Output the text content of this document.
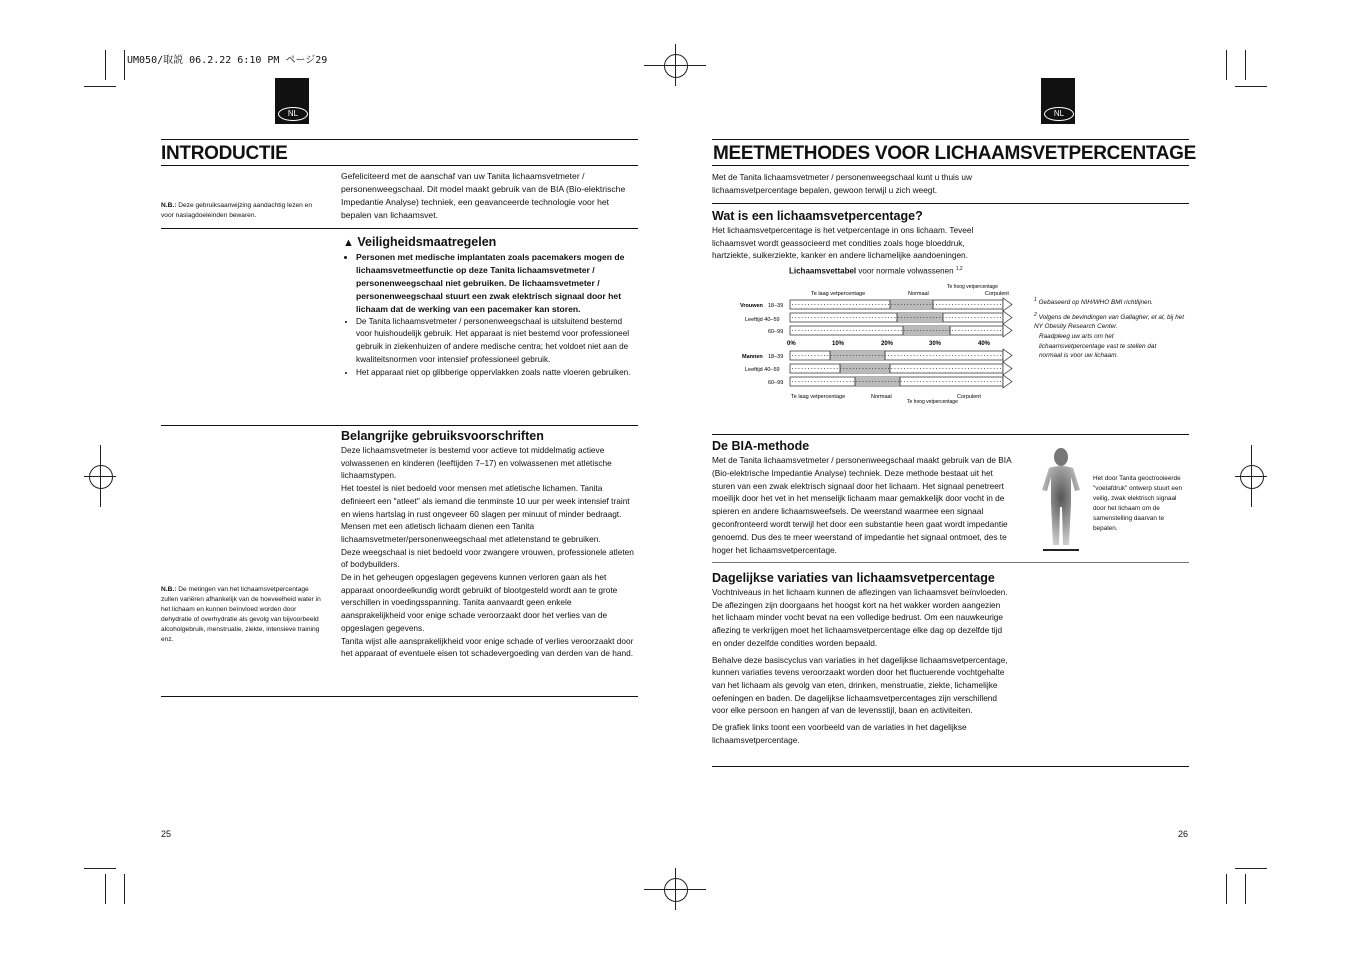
UM050/取説 06.2.22 6:10 PM ページ29
NL
INTRODUCTIE
N.B.: Deze gebruiksaanwijzing aandachtig lezen en voor naslagdoeleinden bewaren.
Gefeliciteerd met de aanschaf van uw Tanita lichaamsvetmeter / personenweegschaal. Dit model maakt gebruik van de BIA (Bio-elektrische Impedantie Analyse) techniek, een geavanceerde technologie voor het bepalen van lichaamsvet.
▲ Veiligheidsmaatregelen
• Personen met medische implantaten zoals pacemakers mogen de lichaamsvetmeetfunctie op deze Tanita lichaamsvetmeter / personenweegschaal niet gebruiken. De lichaamsvetmeter / personenweegschaal stuurt een zwak elektrisch signaal door het lichaam dat de werking van een pacemaker kan storen.
• De Tanita lichaamsvetmeter / personenweegschaal is uitsluitend bestemd voor huishoudelijk gebruik. Het apparaat is niet bestemd voor professioneel gebruik in ziekenhuizen of andere medische centra; het voldoet niet aan de kwaliteitsnormen voor intensief professioneel gebruik.
• Het apparaat niet op glibberige oppervlakken zoals natte vloeren gebruiken.
Belangrijke gebruiksvoorschriften

Deze lichaamsvetmeter is bestemd voor actieve tot middelmatig actieve volwassenen en kinderen (leeftijden 7–17) en volwassenen met atletische lichaamstypen.

Het toestel is niet bedoeld voor mensen met atletische lichamen. Tanita definieert een "atleet" als iemand die tenminste 10 uur per week intensief traint en wiens hartslag in rust ongeveer 60 slagen per minuut of minder bedraagt.

Mensen met een atletisch lichaam dienen een Tanita lichaamsvetmeter/personenweegschaal met atletenstand te gebruiken.

Deze weegschaal is niet bedoeld voor zwangere vrouwen, professionele atleten of bodybuilders.

De in het geheugen opgeslagen gegevens kunnen verloren gaan als het apparaat onoordeelkundig wordt gebruikt of blootgesteld wordt aan te grote verschillen in voedingsspanning. Tanita aanvaardt geen enkele aansprakelijkheid voor enige schade veroorzaakt door het verlies van de opgeslagen gegevens.

Tanita wijst alle aansprakelijkheid voor enige schade of verlies veroorzaakt door het apparaat of eventuele eisen tot schadevergoeding van derden van de hand.

N.B.: De metingen van het lichaamsvetpercentage zullen variëren afhankelijk van de hoeveelheid water in het lichaam en kunnen beïnvloed worden door dehydratie of overhydratie als gevolg van bijvoorbeeld alcoholgebruik, menstruatie, ziekte, intensieve training enz.
25
NL
MEETMETHODES VOOR LICHAAMSVETPERCENTAGE
Met de Tanita lichaamsvetmeter / personenweegschaal kunt u thuis uw lichaamsvetpercentage bepalen, gewoon terwijl u zich weegt.
Wat is een lichaamsvetpercentage?
Het lichaamsvetpercentage is het vetpercentage in ons lichaam. Teveel lichaamsvet wordt geassocieerd met condities zoals hoge bloeddruk, hartziekte, suikerziekte, kanker en andere lichamelijke aandoeningen.
Lichaamsvettabel voor normale volwassenen $^{1,2}$
Te laag vetpercentage	Normaal
Te hoog vetpercentage
Corpulent
0%	10%	20%	30%	40%
Vrouwen 18–39
Leeftijd 40–59
60–99
Mannen 18–39
Leeftijd 40–59
60–99
Te laag vetpercentage	Normaal
Te hoog vetpercentage
Corpulent
$^1$ Gebaseerd op NIH/WHO BMI richtlijnen.
$^2$ Volgens de bevindingen van Gallagher, et al, bij het NY Obesity Research Center.
Raadpleeg uw arts om het lichaamsvetpercentage vast te stellen dat normaal is voor uw lichaam.
De BIA-methode
Met de Tanita lichaamsvetmeter / personenweegschaal maakt gebruik van de BIA (Bio-elektrische Impedantie Analyse) techniek. Deze methode bestaat uit het sturen van een zwak elektrisch signaal door het lichaam. Het signaal penetreert moeilijk door het vet in het menselijk lichaam maar gemakkelijk door vocht in de spieren en andere lichaamsweefsels. De weerstand waarmee een signaal geconfronteerd wordt terwijl het door een substantie heen gaat wordt impedantie genoemd. Dus des te meer weerstand of impedantie het signaal ontmoet, des te hoger het lichaamsvetpercentage.
Het door Tanita geoctrooieerde "voetafdruk" ontwerp stuurt een veilig, zwak elektrisch signaal door het lichaam om de samenstelling daarvan te bepalen.
Dagelijkse variaties van lichaamsvetpercentage

Vochtniveaus in het lichaam kunnen de aflezingen van lichaamsvet beïnvloeden. De aflezingen zijn doorgaans het hoogst kort na het wakker worden aangezien het lichaam minder vocht bevat na een volledige bedrust. Om een nauwkeurige aflezing te verkrijgen moet het lichaamsvetpercentage elke dag op dezelfde tijd en onder dezelfde condities worden bepaald.

Behalve deze basiscyclus van variaties in het dagelijkse lichaamsvetpercentage, kunnen variaties tevens veroorzaakt worden door het fluctuerende vochtgehalte van het lichaam als gevolg van eten, drinken, menstruatie, ziekte, lichamelijke oefeningen en baden. De dagelijkse lichaamsvetpercentages zijn verschillend voor elke persoon en hangen af van de levensstijl, baan en activiteiten.

De grafiek links toont een voorbeeld van de variaties in het dagelijkse lichaamsvetpercentage.

26
